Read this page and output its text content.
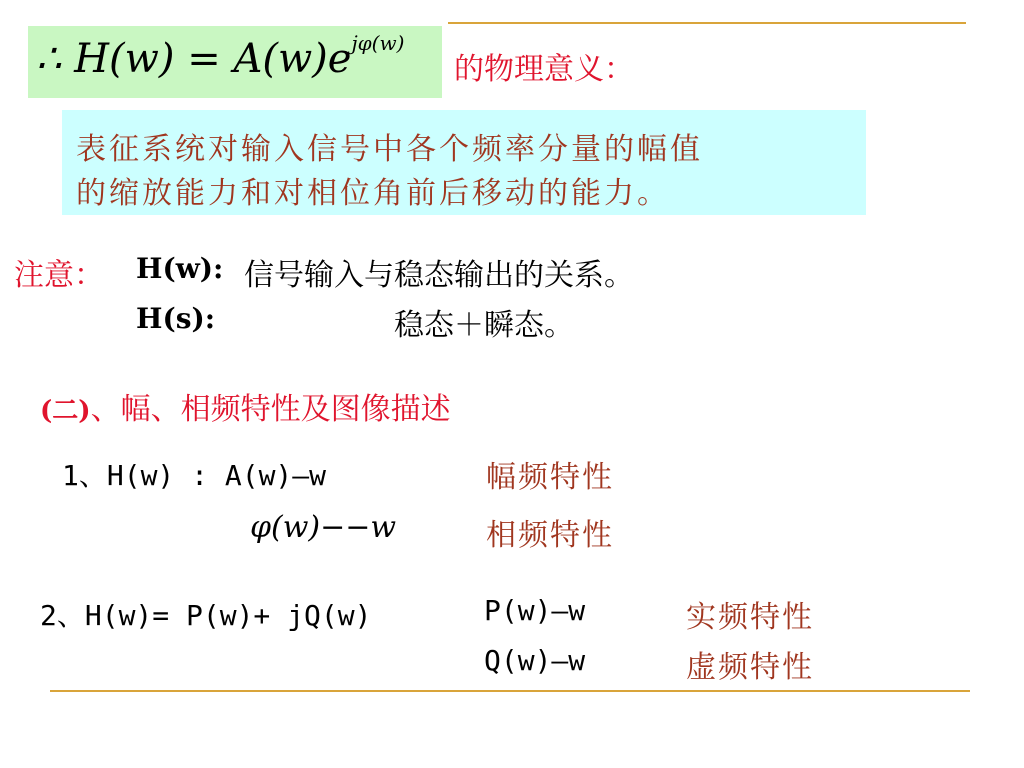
∴ $H(w) = A(w)e^{j\varphi(w)}$
的物理意义：
表征系统对输入信号中各个频率分量的幅值
的缩放能力和对相位角前后移动的能力。
注意： H(w): 信号输入与稳态输出的关系。
H(s):	稳态＋瞬态。
(二)、幅、相频特性及图像描述
1、H(w) : A(w)—w	幅频特性
φ(w)−−w	相频特性
2、H(w)= P(w)+ jQ(w)	P(w)—w	实频特性
Q(w)—w	虚频特性
